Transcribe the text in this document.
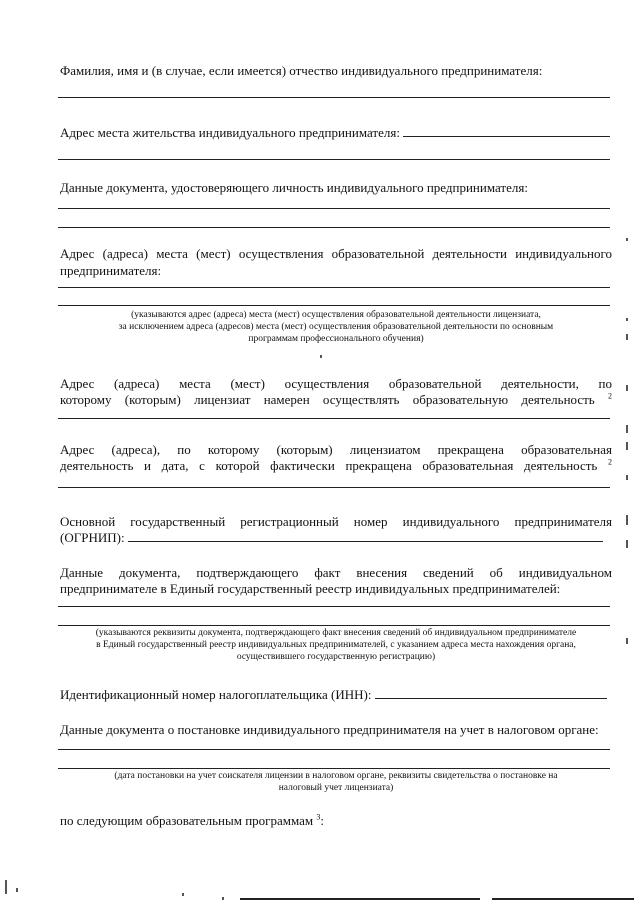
Фамилия, имя и (в случае, если имеется) отчество индивидуального предпринимателя:

Адрес места жительства индивидуального предпринимателя:

Данные документа, удостоверяющего личность индивидуального предпринимателя:

Адрес (адреса) места (мест) осуществления образовательной деятельности индивидуального

предпринимателя:

(указываются адрес (адреса) места (мест) осуществления образовательной деятельности лицензиата,

за исключением адреса (адресов) места (мест) осуществления образовательной деятельности по основным

программам профессионального обучения)

Адрес (адреса) места (мест) осуществления образовательной деятельности, по

которому (которым) лицензиат намерен осуществлять образовательную деятельность $^2$

Адрес (адреса), по которому (которым) лицензиатом прекращена образовательная

деятельность и дата, с которой фактически прекращена образовательная деятельность $^2$

Основной государственный регистрационный номер индивидуального предпринимателя

(ОГРНИП):

Данные документа, подтверждающего факт внесения сведений об индивидуальном

предпринимателе в Единый государственный реестр индивидуальных предпринимателей:

(указываются реквизиты документа, подтверждающего факт внесения сведений об индивидуальном предпринимателе

в Единый государственный реестр индивидуальных предпринимателей, с указанием адреса места нахождения органа,

осуществившего государственную регистрацию)

Идентификационный номер налогоплательщика (ИНН):

Данные документа о постановке индивидуального предпринимателя на учет в налоговом органе:

(дата постановки на учет соискателя лицензии в налоговом органе, реквизиты свидетельства о постановке на

налоговый учет лицензиата)

по следующим образовательным программам $^3$:
